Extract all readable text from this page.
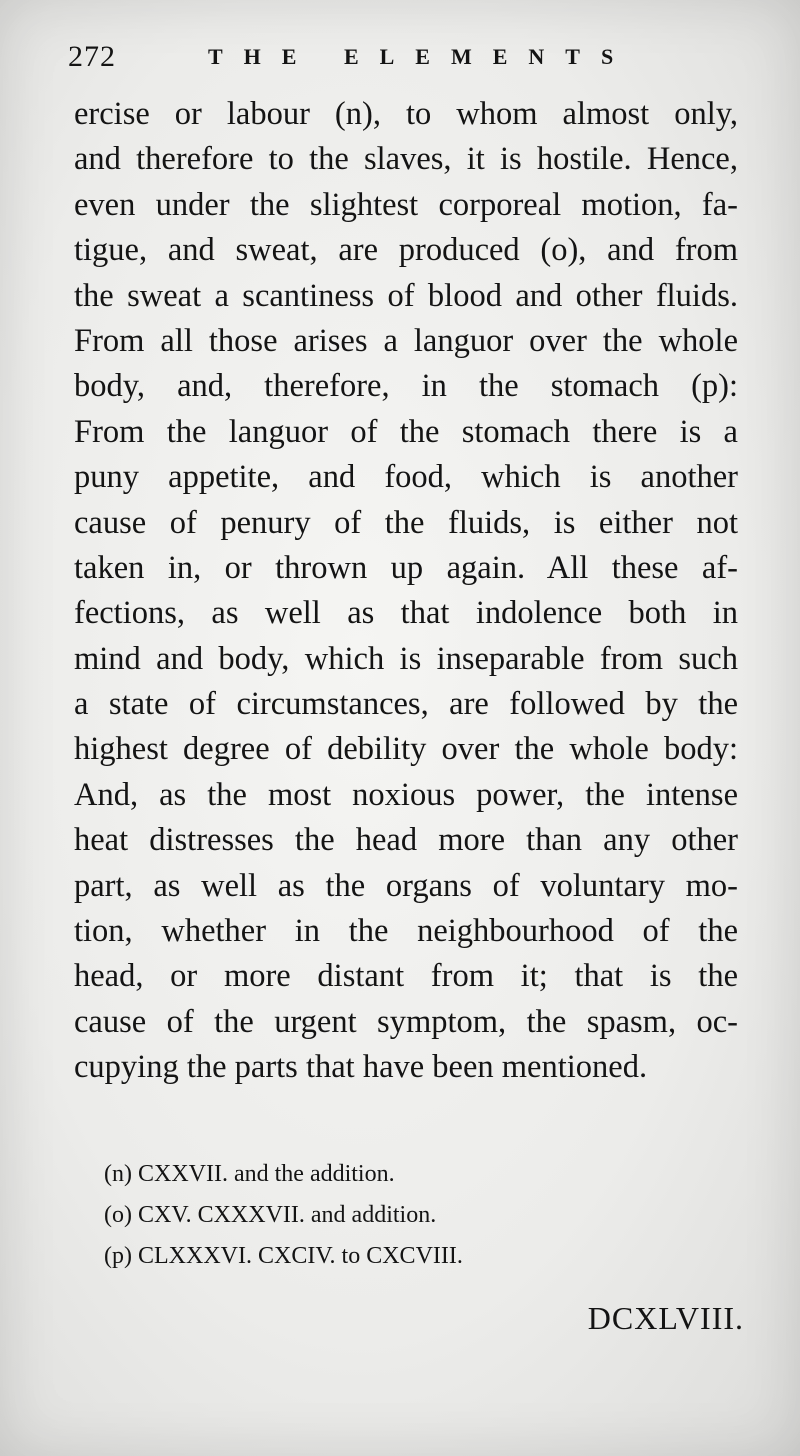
272	THE ELEMENTS
ercise or labour (n), to whom almost only,
and therefore to the slaves, it is hostile. Hence,
even under the slightest corporeal motion, fa-
tigue, and sweat, are produced (o), and from
the sweat a scantiness of blood and other fluids.
From all those arises a languor over the whole
body, and, therefore, in the stomach (p):
From the languor of the stomach there is a
puny appetite, and food, which is another
cause of penury of the fluids, is either not
taken in, or thrown up again. All these af-
fections, as well as that indolence both in
mind and body, which is inseparable from such
a state of circumstances, are followed by the
highest degree of debility over the whole body:
And, as the most noxious power, the intense
heat distresses the head more than any other
part, as well as the organs of voluntary mo-
tion, whether in the neighbourhood of the
head, or more distant from it; that is the
cause of the urgent symptom, the spasm, oc-
cupying the parts that have been mentioned.
(n) CXXVII. and the addition.
(o) CXV. CXXXVII. and addition.
(p) CLXXXVI. CXCIV. to CXCVIII.
DCXLVIII.
